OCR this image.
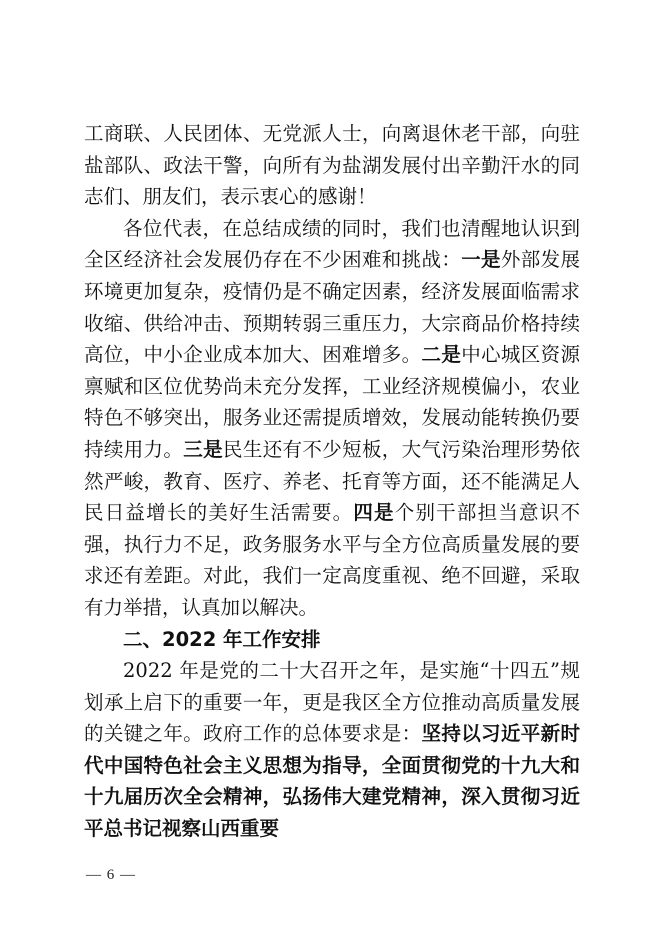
工商联、人民团体、无党派人士，向离退休老干部，向驻盐部队、政法干警，向所有为盐湖发展付出辛勤汗水的同志们、朋友们，表示衷心的感谢！

各位代表，在总结成绩的同时，我们也清醒地认识到全区经济社会发展仍存在不少困难和挑战：一是外部发展环境更加复杂，疫情仍是不确定因素，经济发展面临需求收缩、供给冲击、预期转弱三重压力，大宗商品价格持续高位，中小企业成本加大、困难增多。二是中心城区资源禀赋和区位优势尚未充分发挥，工业经济规模偏小，农业特色不够突出，服务业还需提质增效，发展动能转换仍要持续用力。三是民生还有不少短板，大气污染治理形势依然严峻，教育、医疗、养老、托育等方面，还不能满足人民日益增长的美好生活需要。四是个别干部担当意识不强，执行力不足，政务服务水平与全方位高质量发展的要求还有差距。对此，我们一定高度重视、绝不回避，采取有力举措，认真加以解决。

二、2022 年工作安排

2022 年是党的二十大召开之年，是实施“十四五”规划承上启下的重要一年，更是我区全方位推动高质量发展的关键之年。政府工作的总体要求是：坚持以习近平新时代中国特色社会主义思想为指导，全面贯彻党的十九大和十九届历次全会精神，弘扬伟大建党精神，深入贯彻习近平总书记视察山西重要

— 6 —
